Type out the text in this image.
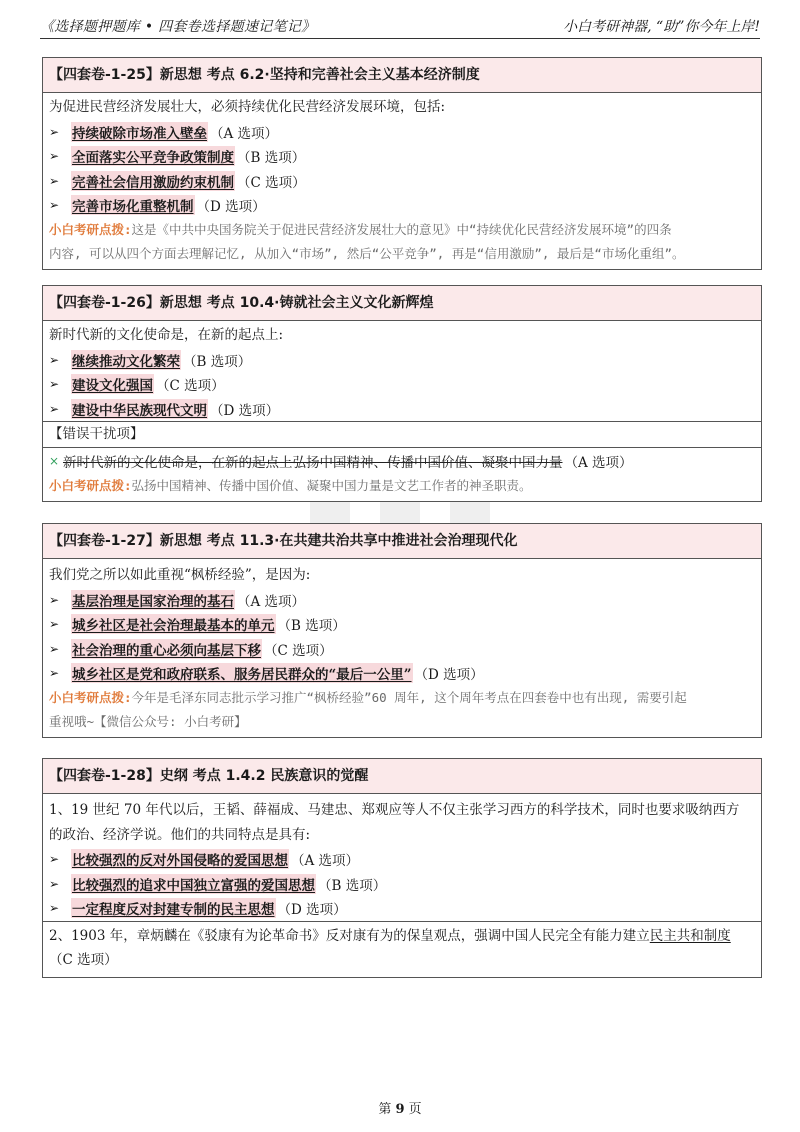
《选择题押题库 • 四套卷选择题速记笔记》	小白考研神器, “助”你今年上岸!
【四套卷-1-25】新思想 考点 6.2·坚持和完善社会主义基本经济制度
为促进民营经济发展壮大，必须持续优化民营经济发展环境，包括:
➢ 持续破除市场准入壁垒 （A 选项）
➢ 全面落实公平竞争政策制度 （B 选项）
➢ 完善社会信用激励约束机制 （C 选项）
➢ 完善市场化重整机制 （D 选项）
小白考研点拨:这是《中共中央国务院关于促进民营经济发展壮大的意见》中“持续优化民营经济发展环境”的四条
内容, 可以从四个方面去理解记忆, 从加入“市场”, 然后“公平竞争”, 再是“信用激励”, 最后是“市场化重组”。
【四套卷-1-26】新思想 考点 10.4·铸就社会主义文化新辉煌
新时代新的文化使命是，在新的起点上:
➢ 继续推动文化繁荣 （B 选项）
➢ 建设文化强国 （C 选项）
➢ 建设中华民族现代文明 （D 选项）
【错误干扰项】
× 新时代新的文化使命是，在新的起点上弘扬中国精神、传播中国价值、凝聚中国力量 （A 选项）
小白考研点拨:弘扬中国精神、传播中国价值、凝聚中国力量是文艺工作者的神圣职责。
【四套卷-1-27】新思想 考点 11.3·在共建共治共享中推进社会治理现代化
我们党之所以如此重视“枫桥经验”，是因为:
➢ 基层治理是国家治理的基石 （A 选项）
➢ 城乡社区是社会治理最基本的单元 （B 选项）
➢ 社会治理的重心必须向基层下移 （C 选项）
➢ 城乡社区是党和政府联系、服务居民群众的“最后一公里” （D 选项）
小白考研点拨:今年是毛泽东同志批示学习推广“枫桥经验”60 周年, 这个周年考点在四套卷中也有出现, 需要引起
重视哦~【微信公众号: 小白考研】
【四套卷-1-28】史纲 考点 1.4.2 民族意识的觉醒
1、19 世纪 70 年代以后，王韬、薛福成、马建忠、郑观应等人不仅主张学习西方的科学技术，同时也要求吸纳西方
的政治、经济学说。他们的共同特点是具有:
➢ 比较强烈的反对外国侵略的爱国思想 （A 选项）
➢ 比较强烈的追求中国独立富强的爱国思想 （B 选项）
➢ 一定程度反对封建专制的民主思想 （D 选项）
2、1903 年，章炳麟在《驳康有为论革命书》反对康有为的保皇观点，强调中国人民完全有能力建立民主共和制度
（C 选项）
第 9 页
